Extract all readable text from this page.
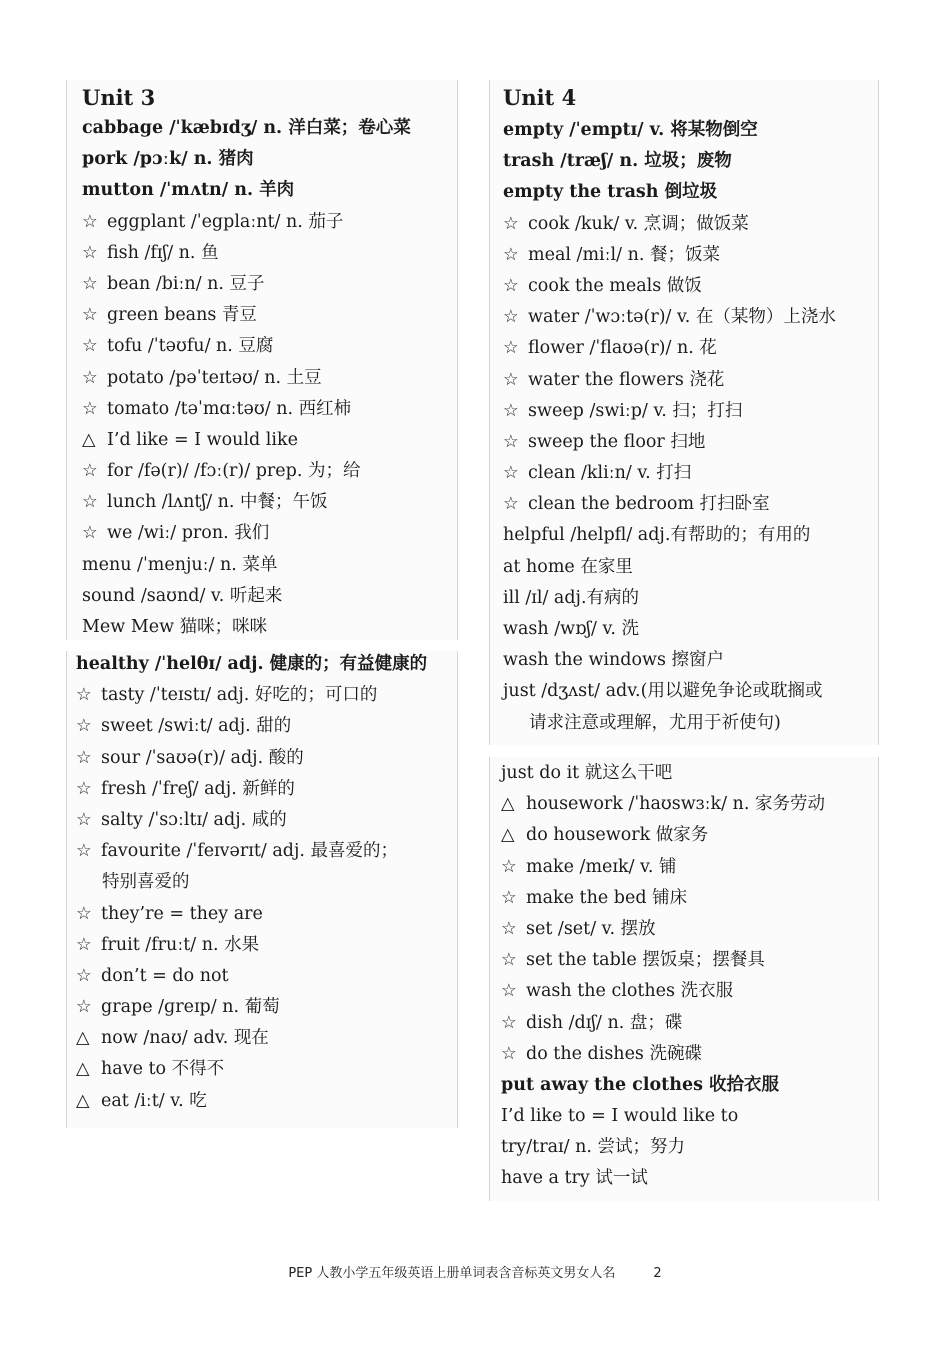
Unit 3
cabbage /ˈkæbɪdʒ/ n. 洋白菜；卷心菜
pork /pɔːk/ n. 猪肉
mutton /ˈmʌtn/ n. 羊肉
☆ eggplant /ˈegplaːnt/ n. 茄子
☆ fish /fɪʃ/ n. 鱼
☆ bean /biːn/ n. 豆子
☆ green beans 青豆
☆ tofu /ˈtəʊfu/ n. 豆腐
☆ potato /pəˈteɪtəʊ/ n. 土豆
☆ tomato /təˈmɑːtəʊ/ n. 西红柿
△ I’d like = I would like
☆ for /fə(r)/ /fɔː(r)/ prep. 为；给
☆ lunch /lʌntʃ/ n. 中餐；午饭
☆ we /wiː/ pron. 我们
menu /ˈmenjuː/ n. 菜单
sound /saʊnd/ v. 听起来
Mew Mew 猫咪；咪咪
healthy /ˈhelθɪ/ adj. 健康的；有益健康的
☆ tasty /ˈteɪstɪ/ adj. 好吃的；可口的
☆ sweet /swiːt/ adj. 甜的
☆ sour /ˈsaʊə(r)/ adj. 酸的
☆ fresh /ˈfreʃ/ adj. 新鲜的
☆ salty /ˈsɔːltɪ/ adj. 咸的
☆ favourite /ˈfeɪvərɪt/ adj. 最喜爱的；
特别喜爱的
☆ they’re = they are
☆ fruit /fruːt/ n. 水果
☆ don’t = do not
☆ grape /ɡreɪp/ n. 葡萄
△ now /naʊ/ adv. 现在
△ have to 不得不
△ eat /iːt/ v. 吃
Unit 4
empty /ˈemptɪ/ v. 将某物倒空
trash /træʃ/ n. 垃圾；废物
empty the trash 倒垃圾
☆ cook /kuk/ v. 烹调；做饭菜
☆ meal /miːl/ n. 餐；饭菜
☆ cook the meals 做饭
☆ water /ˈwɔːtə(r)/ v. 在（某物）上浇水
☆ flower /ˈflaʊə(r)/ n. 花
☆ water the flowers 浇花
☆ sweep /swiːp/ v. 扫；打扫
☆ sweep the floor 扫地
☆ clean /kliːn/ v. 打扫
☆ clean the bedroom 打扫卧室
helpful /helpfl/ adj.有帮助的；有用的
at home 在家里
ill /ɪl/ adj.有病的
wash /wɒʃ/ v. 洗
wash the windows 擦窗户
just /dʒʌst/ adv.(用以避免争论或耽搁或
请求注意或理解，尤用于祈使句)
just do it 就这么干吧
△ housework /ˈhaʊswɜːk/ n. 家务劳动
△ do housework 做家务
☆ make /meɪk/ v. 铺
☆ make the bed 铺床
☆ set /set/ v. 摆放
☆ set the table 摆饭桌；摆餐具
☆ wash the clothes 洗衣服
☆ dish /dɪʃ/ n. 盘；碟
☆ do the dishes 洗碗碟
put away the clothes 收拾衣服
I’d like to = I would like to
try/traɪ/ n. 尝试；努力
have a try 试一试
PEP 人教小学五年级英语上册单词表含音标英文男女人名	2
